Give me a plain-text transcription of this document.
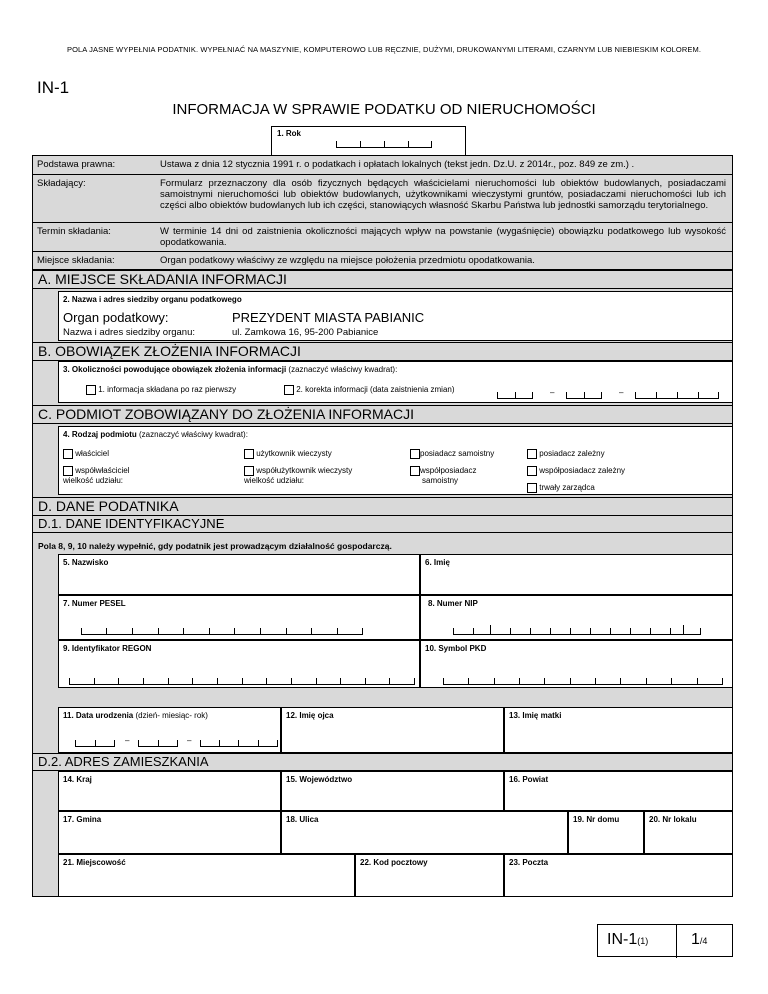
POLA JASNE WYPEŁNIA PODATNIK. WYPEŁNIAĆ NA MASZYNIE, KOMPUTEROWO LUB RĘCZNIE, DUŻYMI, DRUKOWANYMI LITERAMI, CZARNYM LUB NIEBIESKIM KOLOREM.
IN-1
INFORMACJA W SPRAWIE PODATKU OD NIERUCHOMOŚCI
1. Rok
Podstawa prawna:	Ustawa z dnia 12 stycznia 1991 r. o podatkach i opłatach lokalnych (tekst jedn. Dz.U. z 2014r., poz. 849 ze zm.) .
Składający:	Formularz przeznaczony dla osób fizycznych będących właścicielami nieruchomości lub obiektów budowlanych, posiadaczami samoistnymi nieruchomości lub obiektów budowlanych, użytkownikami wieczystymi gruntów, posiadaczami nieruchomości lub ich części albo obiektów budowlanych lub ich części, stanowiących własność Skarbu Państwa lub jednostki samorządu terytorialnego.
Termin składania:	W terminie 14 dni od zaistnienia okoliczności mających wpływ na powstanie (wygaśnięcie) obowiązku podatkowego lub wysokość opodatkowania.
Miejsce składania:	Organ podatkowy właściwy ze względu na miejsce położenia przedmiotu opodatkowania.
A. MIEJSCE SKŁADANIA INFORMACJI
2. Nazwa i adres siedziby organu podatkowego
Organ podatkowy:	PREZYDENT MIASTA PABIANIC
Nazwa i adres siedziby organu:	ul. Zamkowa 16, 95-200 Pabianice
B. OBOWIĄZEK ZŁOŻENIA INFORMACJI
3. Okoliczności powodujące obowiązek złożenia informacji (zaznaczyć właściwy kwadrat):
1. informacja składana po raz pierwszy	2. korekta informacji (data zaistnienia zmian)	–	–
C. PODMIOT ZOBOWIĄZANY DO ZŁOŻENIA INFORMACJI
4. Rodzaj podmiotu (zaznaczyć właściwy kwadrat):
właściciel	użytkownik wieczysty	posiadacz samoistny	posiadacz zależny
współwłaściciel
wielkość udziału:
współużytkownik wieczysty
wielkość udziału:
współposiadacz
samoistny
współposiadacz zależny
trwały zarządca
D. DANE PODATNIKA
D.1. DANE IDENTYFIKACYJNE
Pola 8, 9, 10 należy wypełnić, gdy podatnik jest prowadzącym działalność gospodarczą.
5. Nazwisko	6. Imię
7. Numer PESEL	8. Numer NIP
9. Identyfikator REGON	10. Symbol PKD
11. Data urodzenia (dzień- miesiąc- rok)
–	–
12. Imię ojca	13. Imię matki
D.2. ADRES ZAMIESZKANIA
14. Kraj	15. Województwo	16. Powiat
17. Gmina	18. Ulica	19. Nr domu	20. Nr lokalu
21. Miejscowość	22. Kod pocztowy	23. Poczta
IN-1(1)	1/4
